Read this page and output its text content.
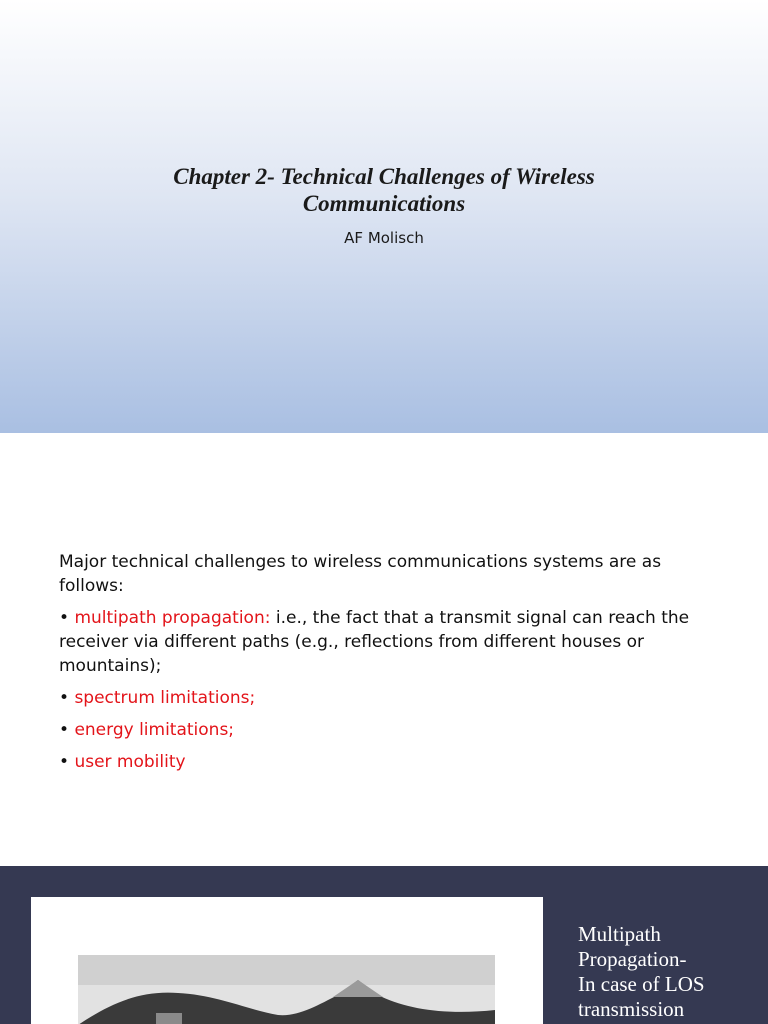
Chapter 2- Technical Challenges of Wireless
Communications
AF Molisch

Major technical challenges to wireless communications systems are as follows:

• multipath propagation: i.e., the fact that a transmit signal can reach the receiver via different paths (e.g., reflections from different houses or mountains);

• spectrum limitations;

• energy limitations;

• user mobility

Multipath
Propagation-
In case of LOS
transmission
